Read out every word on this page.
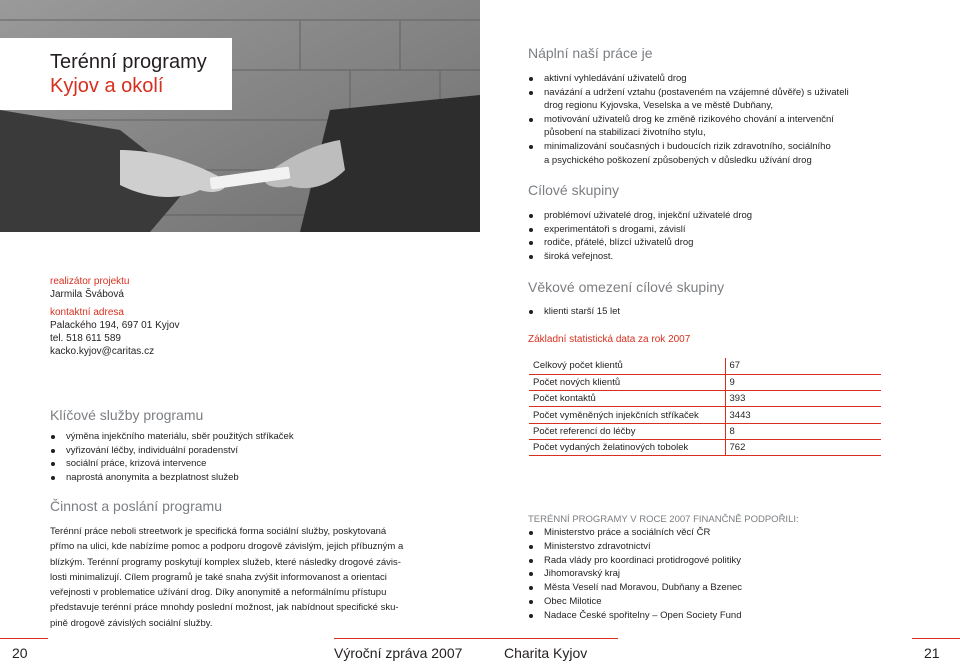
Terénní programy
Kyjov a okolí
realizátor projektu
Jarmila Švábová
kontaktní adresa
Palackého 194, 697 01 Kyjov
tel. 518 611 589
kacko.kyjov@caritas.cz
Klíčové služby programu
výměna injekčního materiálu, sběr použitých stříkaček
vyřizování léčby, individuální poradenství
sociální práce, krizová intervence
naprostá anonymita a bezplatnost služeb
Činnost a poslání programu
Terénní práce neboli streetwork je specifická forma sociální služby, poskytovaná
přímo na ulici, kde nabízíme pomoc a podporu drogově závislým, jejich příbuzným a
blízkým. Terénní programy poskytují komplex služeb, které následky drogové závis-
losti minimalizují. Cílem programů je také snaha zvýšit informovanost a orientaci
veřejnosti v problematice užívání drog. Díky anonymitě a neformálnímu přístupu
představuje terénní práce mnohdy poslední možnost, jak nabídnout specifické sku-
pině drogově závislých sociální služby.
Náplní naší práce je
aktivní vyhledávání uživatelů drog
navázání a udržení vztahu (postaveném na vzájemné důvěře) s uživateli
drog regionu Kyjovska, Veselska a ve městě Dubňany,
motivování uživatelů drog ke změně rizikového chování a intervenční
působení na stabilizaci životního stylu,
minimalizování současných i budoucích rizik zdravotního, sociálního
a psychického poškození způsobených v důsledku užívání drog
Cílové skupiny
problémoví uživatelé drog, injekční uživatelé drog
experimentátoři s drogami, závislí
rodiče, přátelé, blízcí uživatelů drog
široká veřejnost.
Věkové omezení cílové skupiny
klienti starší 15 let
Základní statistická data za rok 2007
Celkový počet klientů	67
Počet nových klientů	9
Počet kontaktů	393
Počet vyměněných injekčních stříkaček	3443
Počet referencí do léčby	8
Počet vydaných želatinových tobolek	762
TERÉNNÍ PROGRAMY V ROCE 2007 FINANČNĚ PODPOŘILI:
Ministerstvo práce a sociálních věcí ČR
Ministerstvo zdravotnictví
Rada vlády pro koordinaci protidrogové politiky
Jihomoravský kraj
Města Veselí nad Moravou, Dubňany a Bzenec
Obec Milotice
Nadace České spořitelny – Open Society Fund
20	Výroční zpráva 2007	Charita Kyjov	21
